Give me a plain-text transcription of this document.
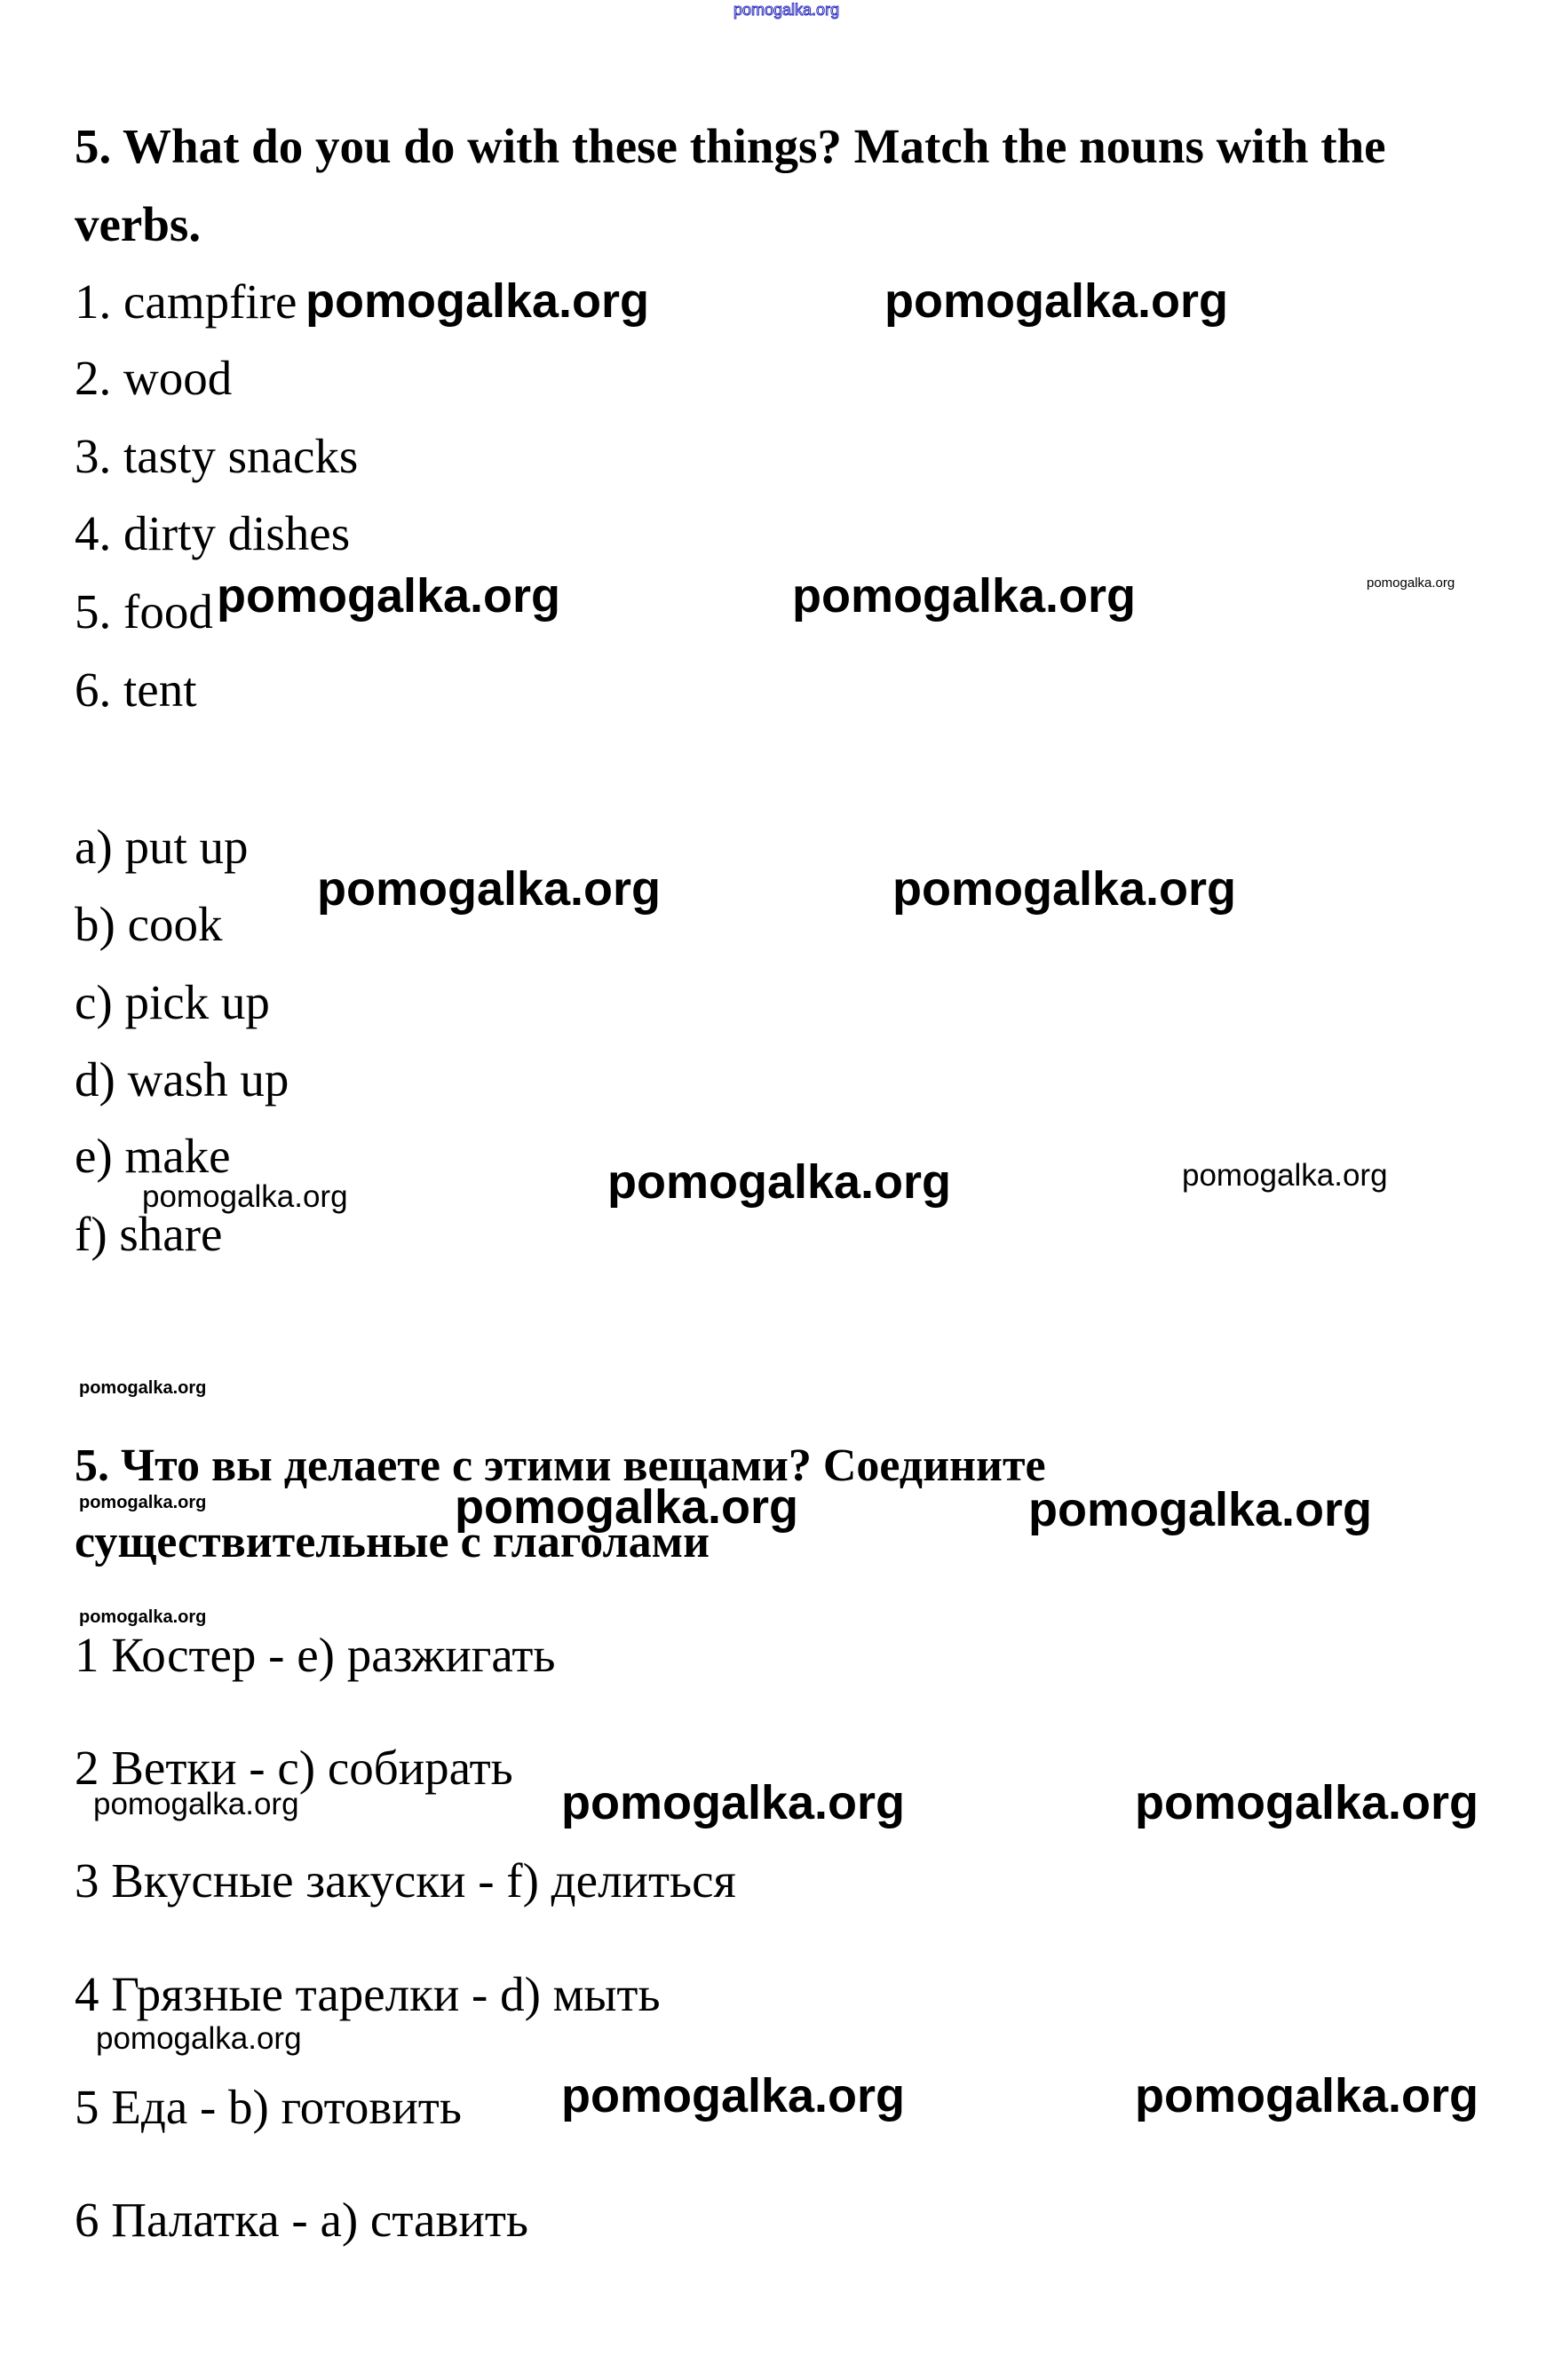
pomogalka.org
5. What do you do with these things? Match the nouns with the
verbs.
1. campfire
2. wood
3. tasty snacks
4. dirty dishes
5. food
6. tent
a) put up
b) cook
c) pick up
d) wash up
e) make
f) share
5. Что вы делаете с этими вещами? Соедините
существительные с глаголами
1 Костер - e) разжигать
2 Ветки - c) собирать
3 Вкусные закуски - f) делиться
4 Грязные тарелки - d) мыть
5 Еда - b) готовить
6 Палатка - a) ставить
pomogalka.org	pomogalka.org
pomogalka.org	pomogalka.org
pomogalka.org	pomogalka.org
pomogalka.org
pomogalka.org	pomogalka.org
pomogalka.org	pomogalka.org
pomogalka.org	pomogalka.org
pomogalka.org
pomogalka.org
pomogalka.org
pomogalka.org
pomogalka.org
pomogalka.org
pomogalka.org
pomogalka.org
